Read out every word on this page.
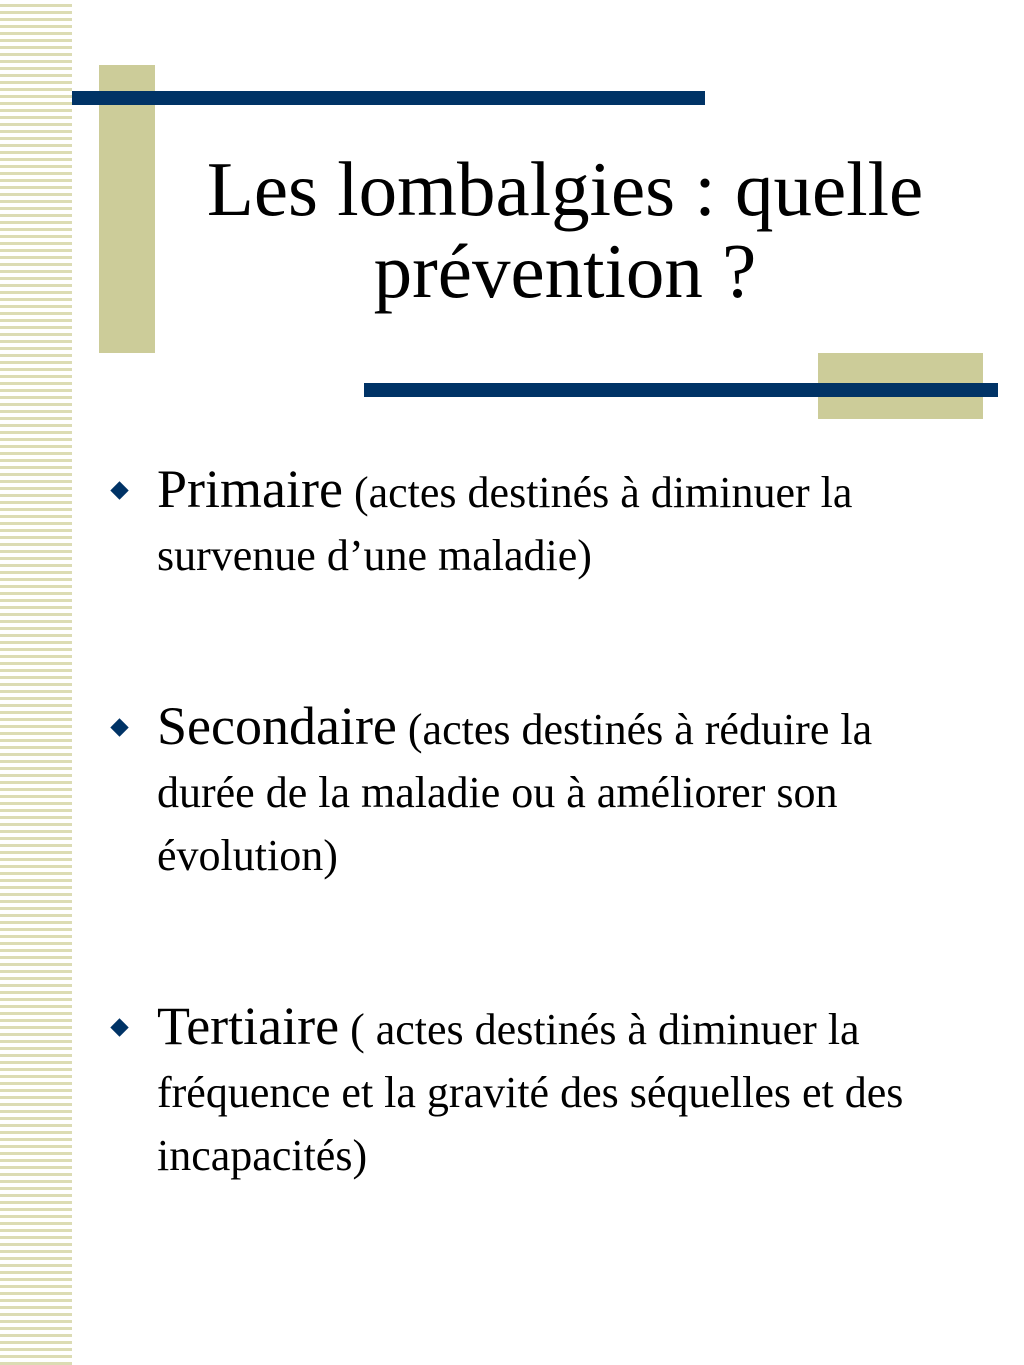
Les lombalgies : quelle
prévention ?
Primaire (actes destinés à diminuer la survenue d’une maladie)
Secondaire (actes destinés à réduire la durée de la maladie ou à améliorer son évolution)
Tertiaire ( actes destinés à diminuer la fréquence et la gravité des séquelles et des incapacités)
